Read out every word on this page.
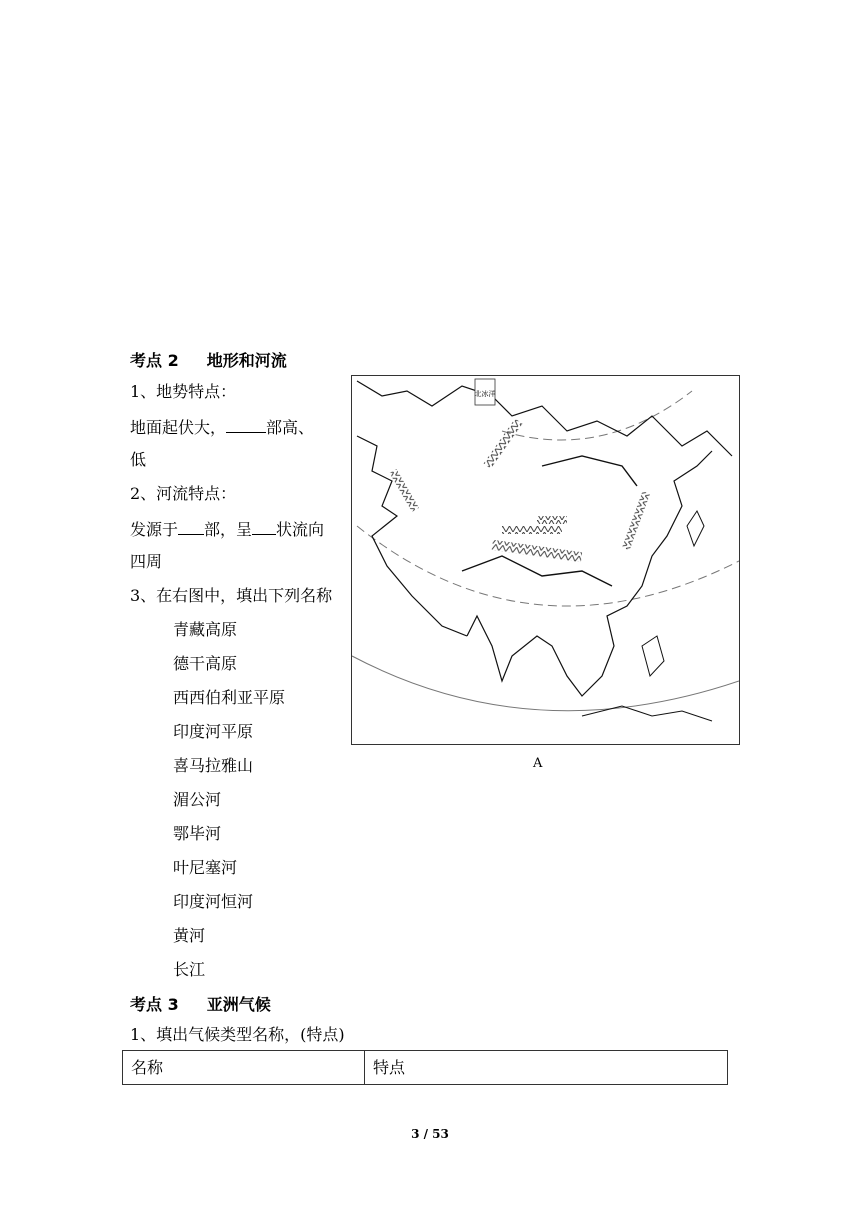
考点 2 地形和河流
1、地势特点：
地面起伏大，	部高、
低
2、河流特点：
发源于 部，呈 状流向
四周
3、在右图中，填出下列名称
青藏高原
德干高原
西西伯利亚平原
印度河平原
喜马拉雅山
湄公河
鄂毕河
叶尼塞河
印度河恒河
黄河
长江
北冰洋
A
考点 3 亚洲气候
1、填出气候类型名称，(特点)
名称	特点
3 / 53
